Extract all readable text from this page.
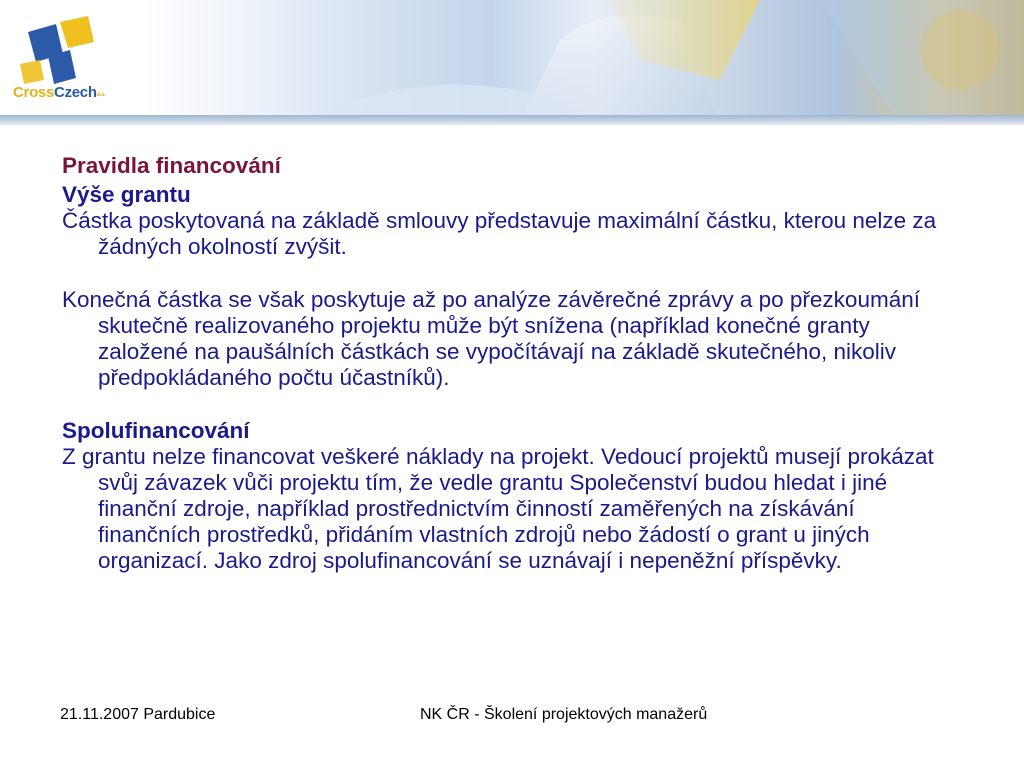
CrossCzecha.s.

Pravidla financování

Výše grantu

Částka poskytovaná na základě smlouvy představuje maximální částku, kterou nelze za žádných okolností zvýšit.

Konečná částka se však poskytuje až po analýze závěrečné zprávy a po přezkoumání skutečně realizovaného projektu může být snížena (například konečné granty založené na paušálních částkách se vypočítávají na základě skutečného, nikoliv předpokládaného počtu účastníků).

Spolufinancování

Z grantu nelze financovat veškeré náklady na projekt. Vedoucí projektů musejí prokázat svůj závazek vůči projektu tím, že vedle grantu Společenství budou hledat i jiné finanční zdroje, například prostřednictvím činností zaměřených na získávání finančních prostředků, přidáním vlastních zdrojů nebo žádostí o grant u jiných organizací. Jako zdroj spolufinancování se uznávají i nepeněžní příspěvky.

21.11.2007 Pardubice	NK ČR - Školení projektových manažerů
